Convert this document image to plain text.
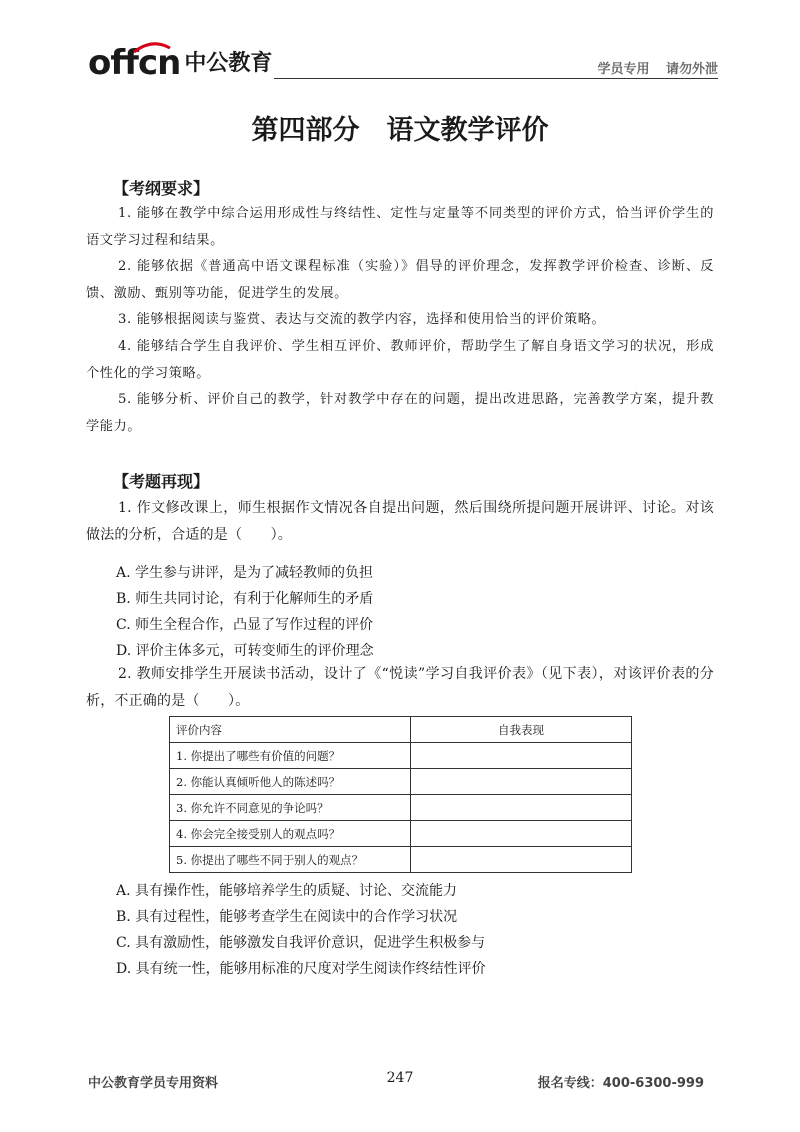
offcn 中公教育	学员专用 请勿外泄
第四部分　语文教学评价
【考纲要求】

1. 能够在教学中综合运用形成性与终结性、定性与定量等不同类型的评价方式，恰当评价学生的语文学习过程和结果。

2. 能够依据《普通高中语文课程标准（实验）》倡导的评价理念，发挥教学评价检查、诊断、反馈、激励、甄别等功能，促进学生的发展。

3. 能够根据阅读与鉴赏、表达与交流的教学内容，选择和使用恰当的评价策略。

4. 能够结合学生自我评价、学生相互评价、教师评价，帮助学生了解自身语文学习的状况，形成个性化的学习策略。

5. 能够分析、评价自己的教学，针对教学中存在的问题，提出改进思路，完善教学方案，提升教学能力。

【考题再现】

1. 作文修改课上，师生根据作文情况各自提出问题，然后围绕所提问题开展讲评、讨论。对该做法的分析，合适的是（　　）。

A. 学生参与讲评，是为了减轻教师的负担
B. 师生共同讨论，有利于化解师生的矛盾
C. 师生全程合作，凸显了写作过程的评价
D. 评价主体多元，可转变师生的评价理念

2. 教师安排学生开展读书活动，设计了《“悦读”学习自我评价表》（见下表），对该评价表的分析，不正确的是（　　）。

评价内容	自我表现
1. 你提出了哪些有价值的问题？	
2. 你能认真倾听他人的陈述吗？	
3. 你允许不同意见的争论吗？	
4. 你会完全接受别人的观点吗？	
5. 你提出了哪些不同于别人的观点？	
A. 具有操作性，能够培养学生的质疑、讨论、交流能力
B. 具有过程性，能够考查学生在阅读中的合作学习状况
C. 具有激励性，能够激发自我评价意识，促进学生积极参与
D. 具有统一性，能够用标准的尺度对学生阅读作终结性评价
中公教育学员专用资料	247	报名专线：400-6300-999
